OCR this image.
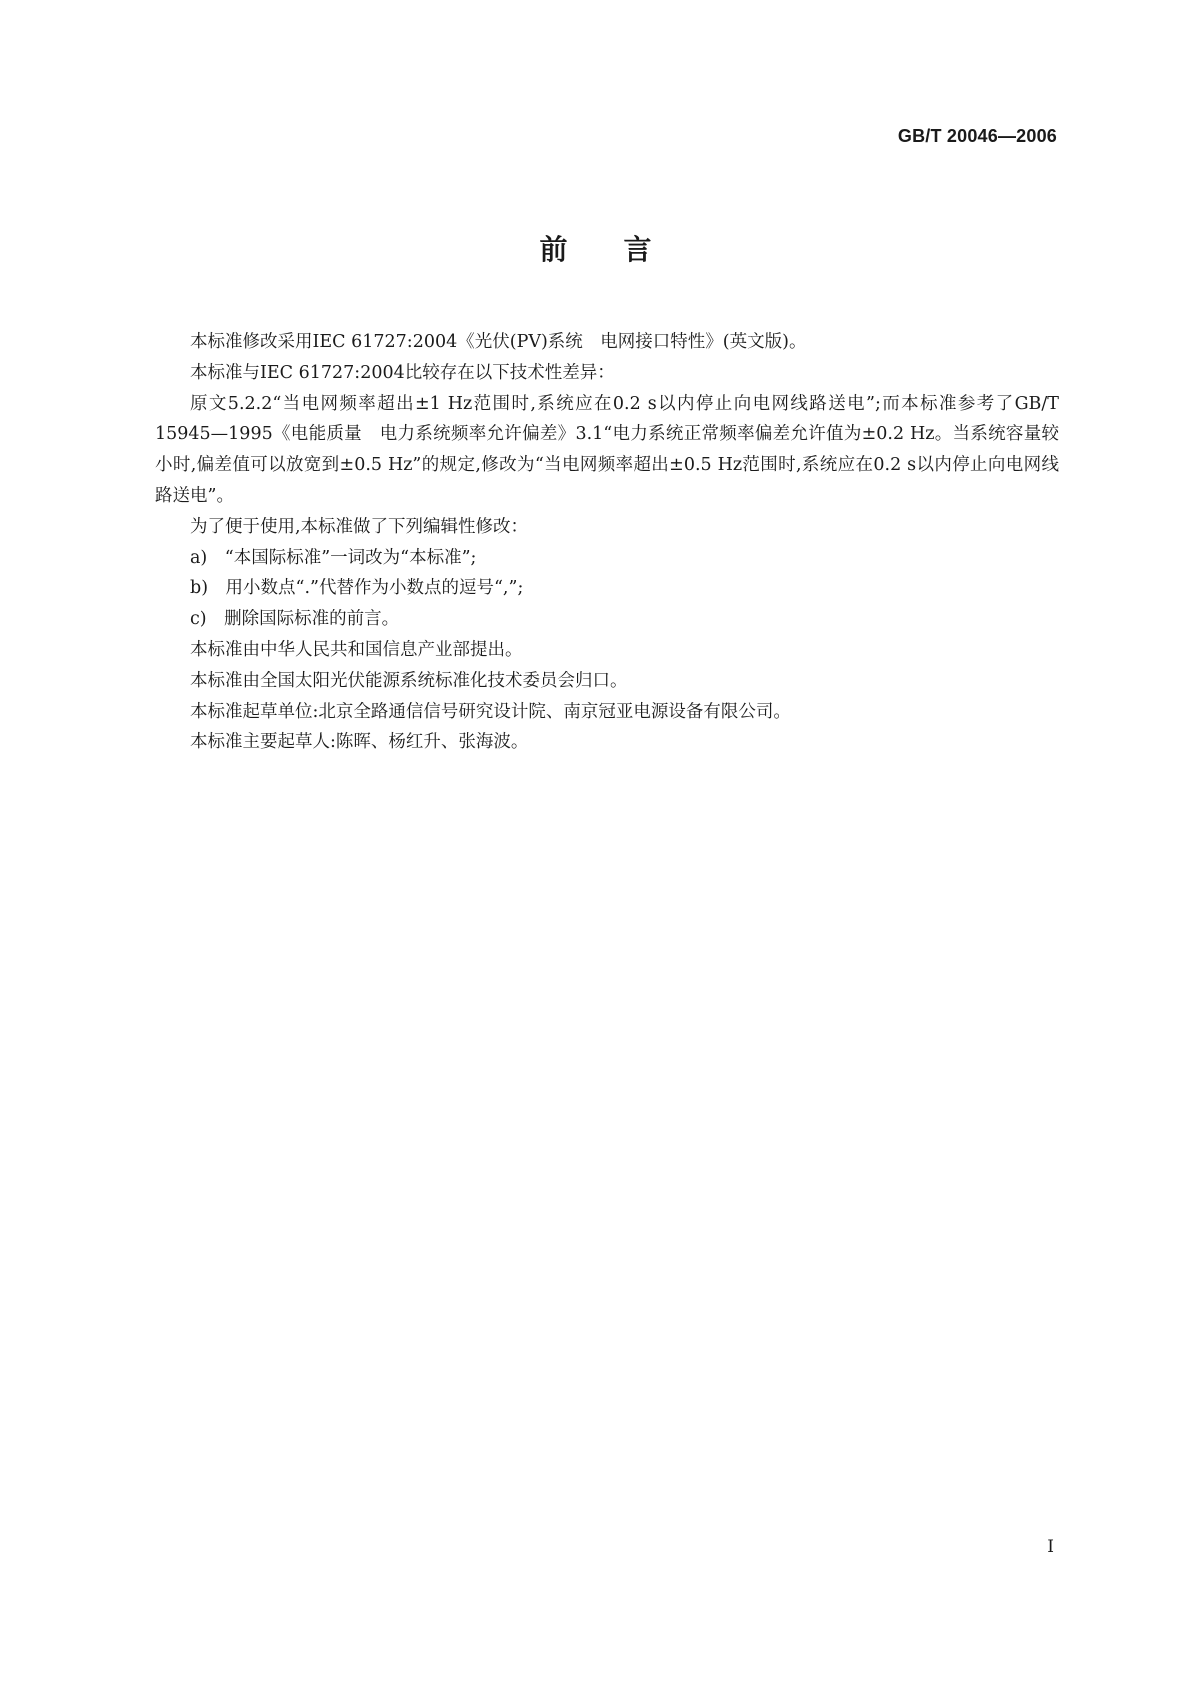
GB/T 20046—2006
前言

本标准修改采用IEC 61727:2004《光伏(PV)系统　电网接口特性》(英文版)。

本标准与IEC 61727:2004比较存在以下技术性差异：

原文5.2.2“当电网频率超出±1 Hz范围时,系统应在0.2 s以内停止向电网线路送电”;而本标准参考了GB/T 15945—1995《电能质量　电力系统频率允许偏差》3.1“电力系统正常频率偏差允许值为±0.2 Hz。当系统容量较小时,偏差值可以放宽到±0.5 Hz”的规定,修改为“当电网频率超出±0.5 Hz范围时,系统应在0.2 s以内停止向电网线路送电”。

为了便于使用,本标准做了下列编辑性修改：

a)　“本国际标准”一词改为“本标准”;

b)　用小数点“.”代替作为小数点的逗号“,”;

c)　删除国际标准的前言。

本标准由中华人民共和国信息产业部提出。

本标准由全国太阳光伏能源系统标准化技术委员会归口。

本标准起草单位:北京全路通信信号研究设计院、南京冠亚电源设备有限公司。

本标准主要起草人:陈晖、杨红升、张海波。

I
